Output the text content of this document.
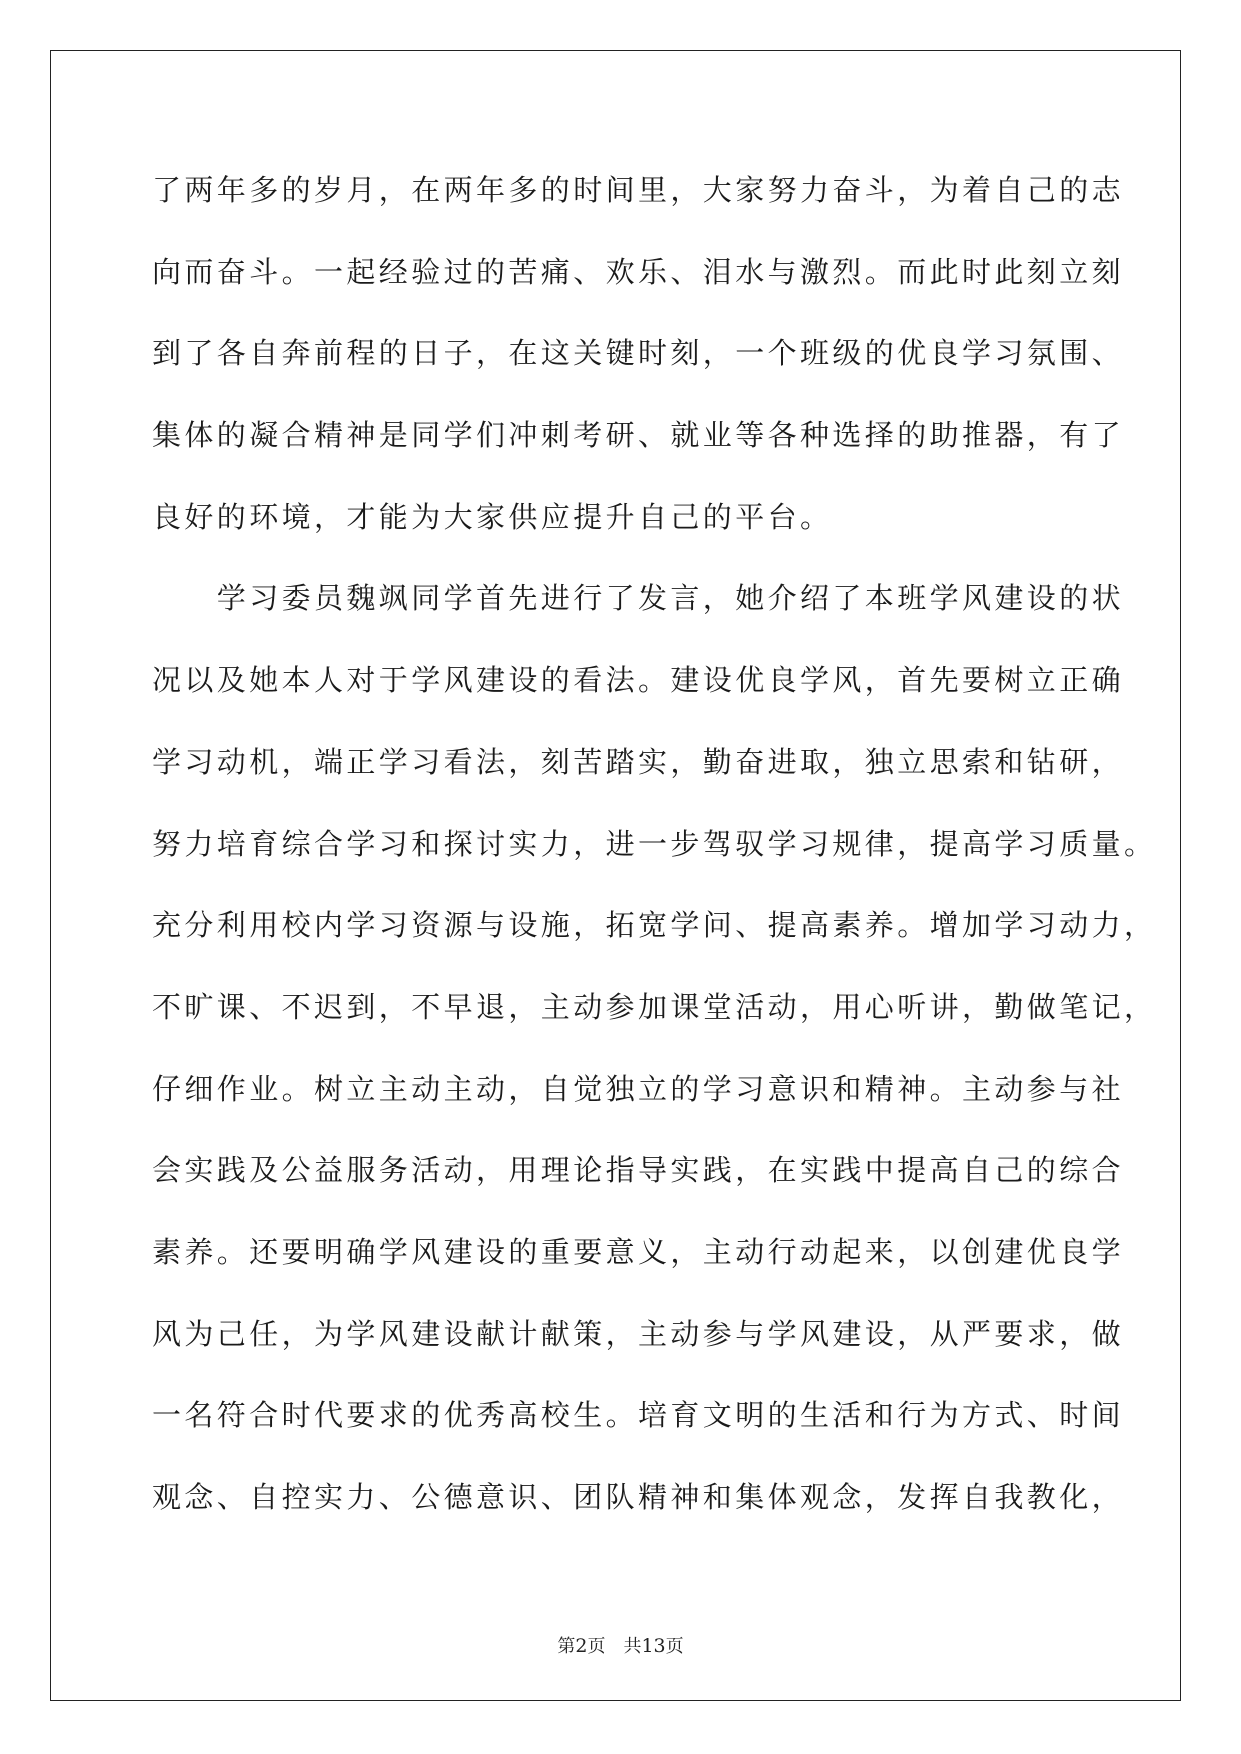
了两年多的岁月，在两年多的时间里，大家努力奋斗，为着自己的志
向而奋斗。一起经验过的苦痛、欢乐、泪水与激烈。而此时此刻立刻
到了各自奔前程的日子，在这关键时刻，一个班级的优良学习氛围、
集体的凝合精神是同学们冲刺考研、就业等各种选择的助推器，有了
良好的环境，才能为大家供应提升自己的平台。
　　学习委员魏飒同学首先进行了发言，她介绍了本班学风建设的状
况以及她本人对于学风建设的看法。建设优良学风，首先要树立正确
学习动机，端正学习看法，刻苦踏实，勤奋进取，独立思索和钻研，
努力培育综合学习和探讨实力，进一步驾驭学习规律，提高学习质量。
充分利用校内学习资源与设施，拓宽学问、提高素养。增加学习动力，
不旷课、不迟到，不早退，主动参加课堂活动，用心听讲，勤做笔记，
仔细作业。树立主动主动，自觉独立的学习意识和精神。主动参与社
会实践及公益服务活动，用理论指导实践，在实践中提高自己的综合
素养。还要明确学风建设的重要意义，主动行动起来，以创建优良学
风为己任，为学风建设献计献策，主动参与学风建设，从严要求，做
一名符合时代要求的优秀高校生。培育文明的生活和行为方式、时间
观念、自控实力、公德意识、团队精神和集体观念，发挥自我教化，
第2页 共13页
